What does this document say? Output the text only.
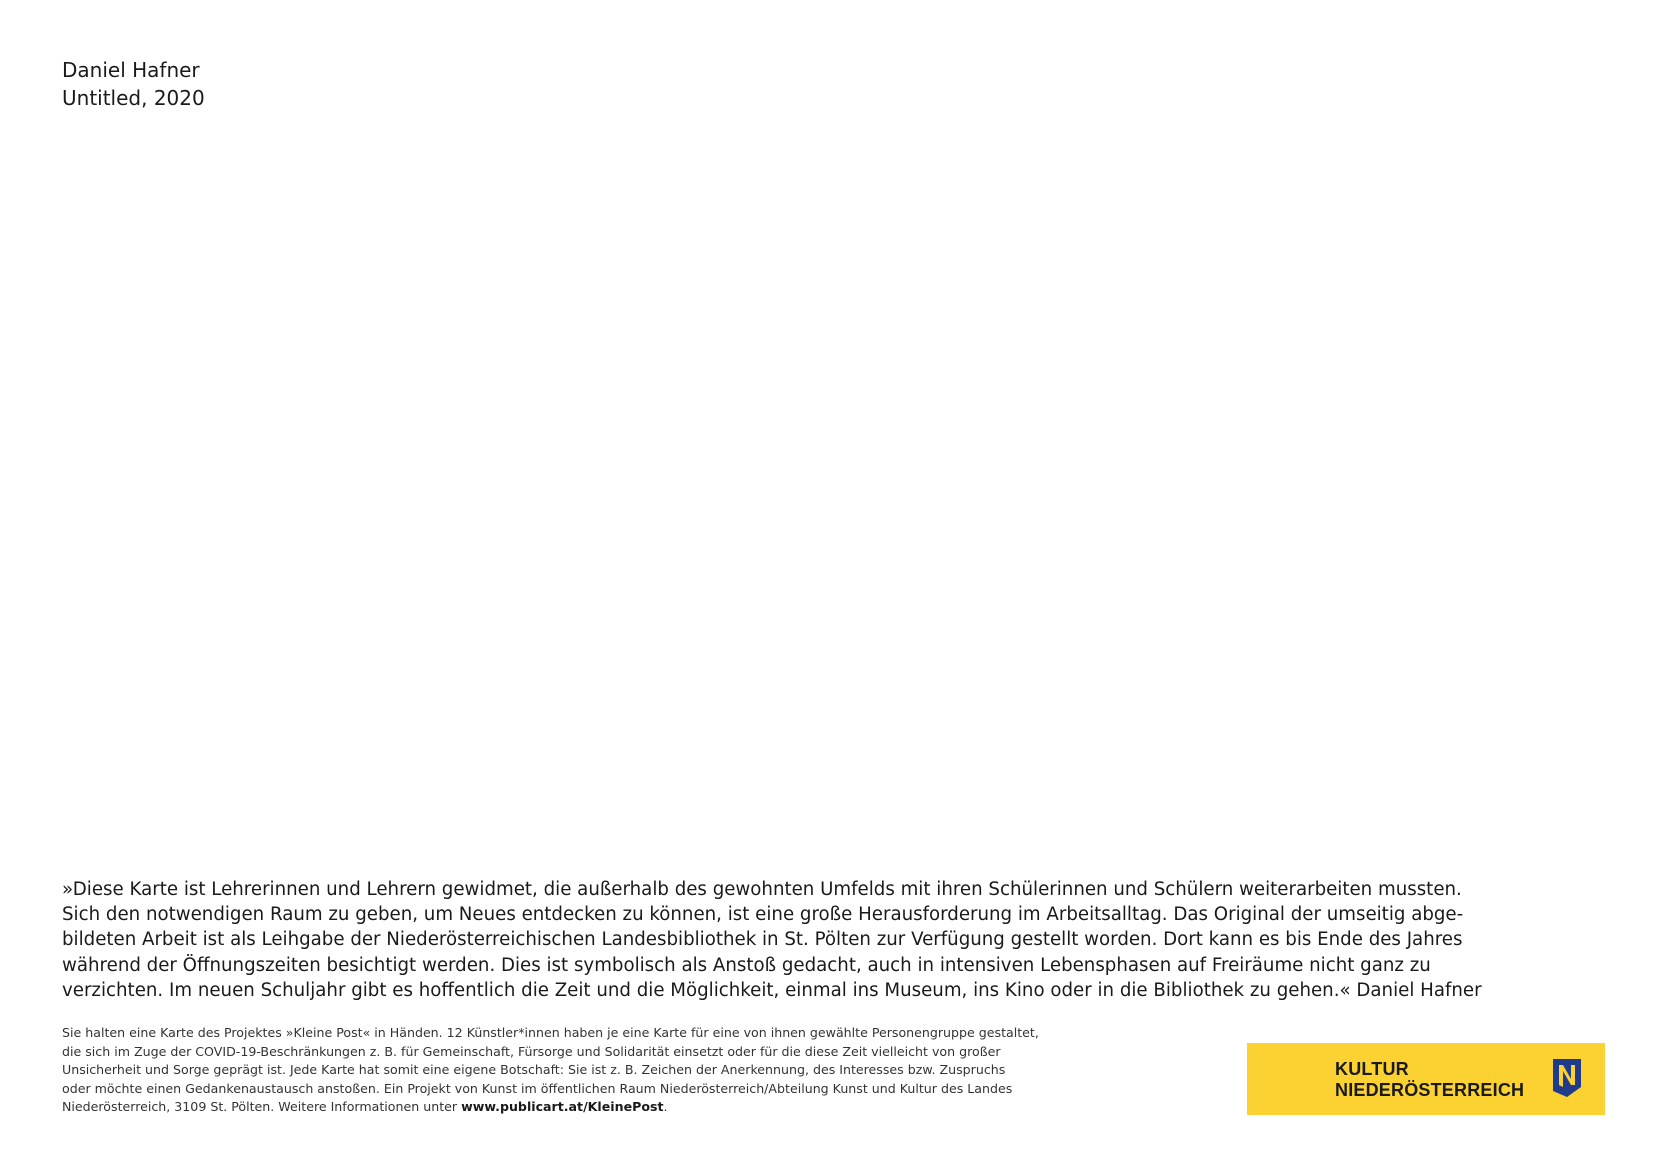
Daniel Hafner
Untitled, 2020
»Diese Karte ist Lehrerinnen und Lehrern gewidmet, die außerhalb des gewohnten Umfelds mit ihren Schülerinnen und Schülern weiterarbeiten mussten.
Sich den notwendigen Raum zu geben, um Neues entdecken zu können, ist eine große Herausforderung im Arbeitsalltag. Das Original der umseitig abge-
bildeten Arbeit ist als Leihgabe der Niederösterreichischen Landesbibliothek in St. Pölten zur Verfügung gestellt worden. Dort kann es bis Ende des Jahres
während der Öffnungszeiten besichtigt werden. Dies ist symbolisch als Anstoß gedacht, auch in intensiven Lebensphasen auf Freiräume nicht ganz zu
verzichten. Im neuen Schuljahr gibt es hoffentlich die Zeit und die Möglichkeit, einmal ins Museum, ins Kino oder in die Bibliothek zu gehen.« Daniel Hafner
Sie halten eine Karte des Projektes »Kleine Post« in Händen. 12 Künstler*innen haben je eine Karte für eine von ihnen gewählte Personengruppe gestaltet,
die sich im Zuge der COVID-19-Beschränkungen z. B. für Gemeinschaft, Fürsorge und Solidarität einsetzt oder für die diese Zeit vielleicht von großer
Unsicherheit und Sorge geprägt ist. Jede Karte hat somit eine eigene Botschaft: Sie ist z. B. Zeichen der Anerkennung, des Interesses bzw. Zuspruchs
oder möchte einen Gedankenaustausch anstoßen. Ein Projekt von Kunst im öffentlichen Raum Niederösterreich/Abteilung Kunst und Kultur des Landes
Niederösterreich, 3109 St. Pölten. Weitere Informationen unter www.publicart.at/KleinePost.
KULTUR
NIEDERÖSTERREICH
